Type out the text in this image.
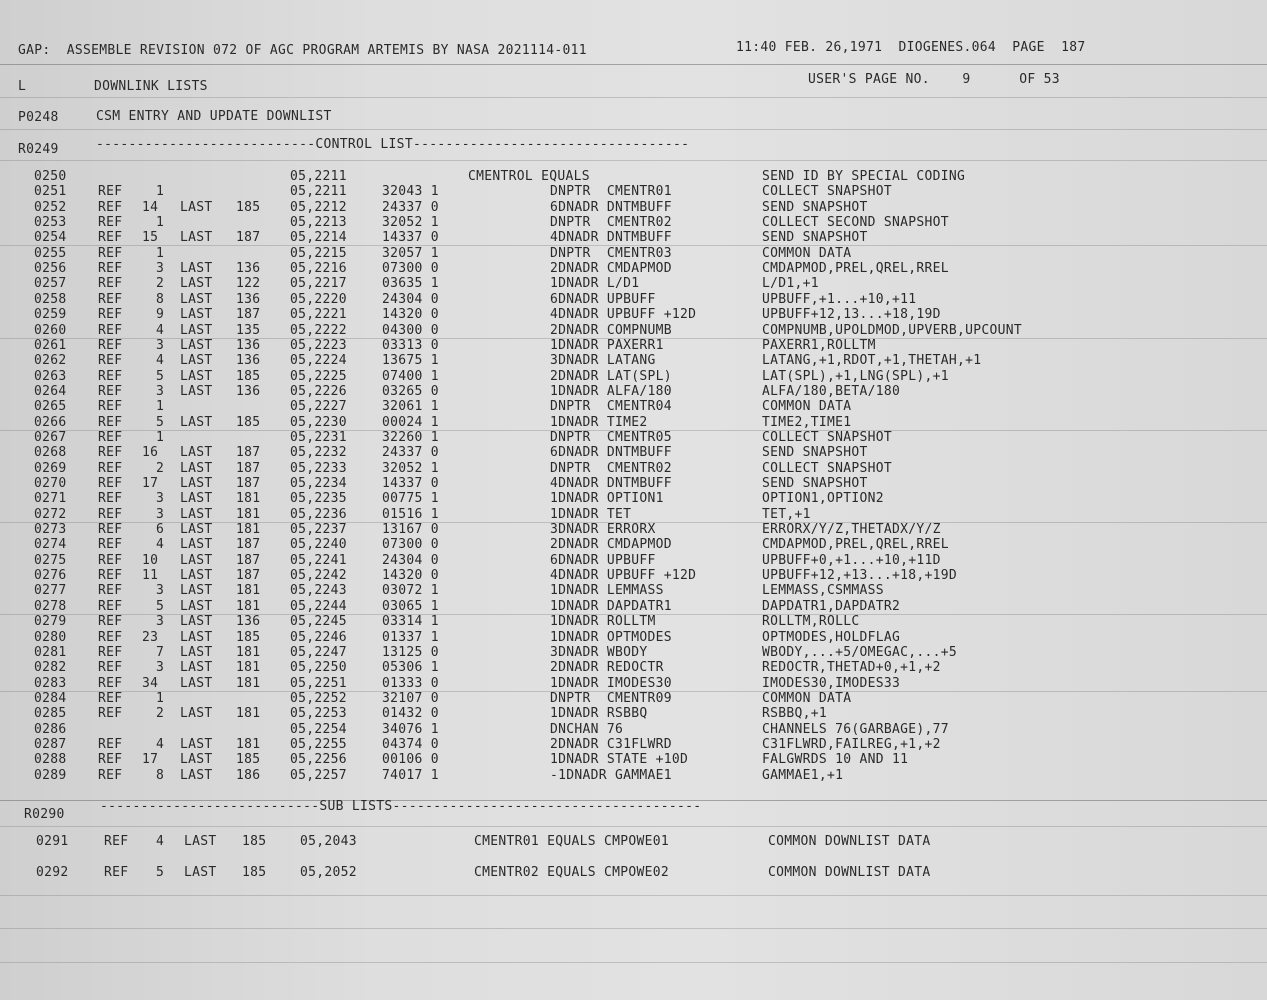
GAP:  ASSEMBLE REVISION 072 OF AGC PROGRAM ARTEMIS BY NASA 2021114-011	11:40 FEB. 26,1971  DIOGENES.064  PAGE  187
L	DOWNLINK LISTS	USER'S PAGE NO.    9      OF 53
P0248	CSM ENTRY AND UPDATE DOWNLIST
R0249	---------------------------CONTROL LIST----------------------------------
0250	05,2211	CMENTROL EQUALS	SEND ID BY SPECIAL CODING
0251 REF	1	05,2211	32043 1	DNPTR  CMENTR01	COLLECT SNAPSHOT
0252 REF 14 LAST 185 05,2212	24337 0	6DNADR DNTMBUFF	SEND SNAPSHOT
0253 REF	1	05,2213	32052 1	DNPTR  CMENTR02	COLLECT SECOND SNAPSHOT
0254 REF 15 LAST 187 05,2214	14337 0	4DNADR DNTMBUFF	SEND SNAPSHOT
0255 REF	1	05,2215	32057 1	DNPTR  CMENTR03	COMMON DATA
0256 REF	3 LAST 136 05,2216	07300 0	2DNADR CMDAPMOD	CMDAPMOD,PREL,QREL,RREL
0257 REF	2 LAST 122 05,2217	03635 1	1DNADR L/D1	L/D1,+1
0258 REF	8 LAST 136 05,2220	24304 0	6DNADR UPBUFF	UPBUFF,+1...+10,+11
0259 REF	9 LAST 187 05,2221	14320 0	4DNADR UPBUFF +12D	UPBUFF+12,13...+18,19D
0260 REF	4 LAST 135 05,2222	04300 0	2DNADR COMPNUMB	COMPNUMB,UPOLDMOD,UPVERB,UPCOUNT
0261 REF	3 LAST 136 05,2223	03313 0	1DNADR PAXERR1	PAXERR1,ROLLTM
0262 REF	4 LAST 136 05,2224	13675 1	3DNADR LATANG	LATANG,+1,RDOT,+1,THETAH,+1
0263 REF	5 LAST 185 05,2225	07400 1	2DNADR LAT(SPL)	LAT(SPL),+1,LNG(SPL),+1
0264 REF	3 LAST 136 05,2226	03265 0	1DNADR ALFA/180	ALFA/180,BETA/180
0265 REF	1	05,2227	32061 1	DNPTR  CMENTR04	COMMON DATA
0266 REF	5 LAST 185 05,2230	00024 1	1DNADR TIME2	TIME2,TIME1
0267 REF	1	05,2231	32260 1	DNPTR  CMENTR05	COLLECT SNAPSHOT
0268 REF 16 LAST 187 05,2232	24337 0	6DNADR DNTMBUFF	SEND SNAPSHOT
0269 REF	2 LAST 187 05,2233	32052 1	DNPTR  CMENTR02	COLLECT SNAPSHOT
0270 REF 17 LAST 187 05,2234	14337 0	4DNADR DNTMBUFF	SEND SNAPSHOT
0271 REF	3 LAST 181 05,2235	00775 1	1DNADR OPTION1	OPTION1,OPTION2
0272 REF	3 LAST 181 05,2236	01516 1	1DNADR TET	TET,+1
0273 REF	6 LAST 181 05,2237	13167 0	3DNADR ERRORX	ERRORX/Y/Z,THETADX/Y/Z
0274 REF	4 LAST 187 05,2240	07300 0	2DNADR CMDAPMOD	CMDAPMOD,PREL,QREL,RREL
0275 REF 10 LAST 187 05,2241	24304 0	6DNADR UPBUFF	UPBUFF+0,+1...+10,+11D
0276 REF 11 LAST 187 05,2242	14320 0	4DNADR UPBUFF +12D	UPBUFF+12,+13...+18,+19D
0277 REF	3 LAST 181 05,2243	03072 1	1DNADR LEMMASS	LEMMASS,CSMMASS
0278 REF	5 LAST 181 05,2244	03065 1	1DNADR DAPDATR1	DAPDATR1,DAPDATR2
0279 REF	3 LAST 136 05,2245	03314 1	1DNADR ROLLTM	ROLLTM,ROLLC
0280 REF 23 LAST 185 05,2246	01337 1	1DNADR OPTMODES	OPTMODES,HOLDFLAG
0281 REF	7 LAST 181 05,2247	13125 0	3DNADR WBODY	WBODY,...+5/OMEGAC,...+5
0282 REF	3 LAST 181 05,2250	05306 1	2DNADR REDOCTR	REDOCTR,THETAD+0,+1,+2
0283 REF 34 LAST 181 05,2251	01333 0	1DNADR IMODES30	IMODES30,IMODES33
0284 REF	1	05,2252	32107 0	DNPTR  CMENTR09	COMMON DATA
0285 REF	2 LAST 181 05,2253	01432 0	1DNADR RSBBQ	RSBBQ,+1
0286	05,2254	34076 1	DNCHAN 76	CHANNELS 76(GARBAGE),77
0287 REF	4 LAST 181 05,2255	04374 0	2DNADR C31FLWRD	C31FLWRD,FAILREG,+1,+2
0288 REF 17 LAST 185 05,2256	00106 0	1DNADR STATE +10D	FALGWRDS 10 AND 11
0289 REF	8 LAST 186 05,2257	74017 1	-1DNADR GAMMAE1	GAMMAE1,+1
R0290
---------------------------SUB LISTS--------------------------------------
0291	REF 4 LAST 185	05,2043	CMENTR01 EQUALS CMPOWE01	COMMON DOWNLIST DATA
0292	REF 5 LAST 185	05,2052	CMENTR02 EQUALS CMPOWE02	COMMON DOWNLIST DATA
